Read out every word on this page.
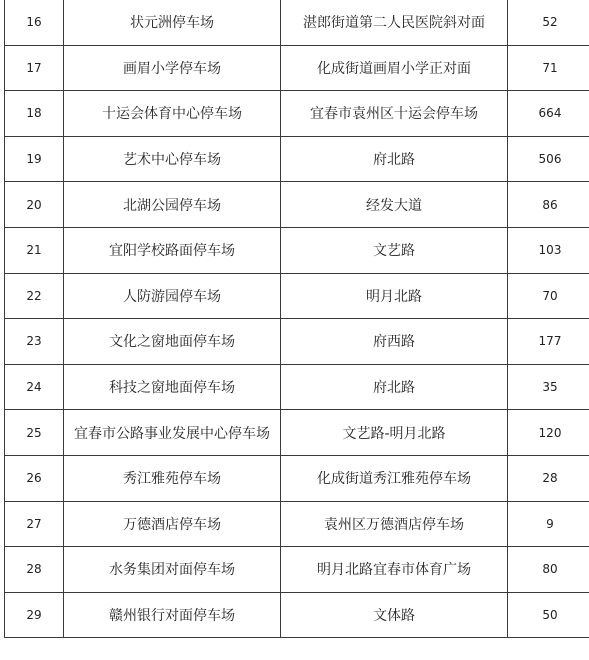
16	状元洲停车场	湛郎街道第二人民医院斜对面	52
17	画眉小学停车场	化成街道画眉小学正对面	71
18	十运会体育中心停车场	宜春市袁州区十运会停车场	664
19	艺术中心停车场	府北路	506
20	北湖公园停车场	经发大道	86
21	宜阳学校路面停车场	文艺路	103
22	人防游园停车场	明月北路	70
23	文化之窗地面停车场	府西路	177
24	科技之窗地面停车场	府北路	35
25	宜春市公路事业发展中心停车场	文艺路-明月北路	120
26	秀江雅苑停车场	化成街道秀江雅苑停车场	28
27	万德酒店停车场	袁州区万德酒店停车场	9
28	水务集团对面停车场	明月北路宜春市体育广场	80
29	赣州银行对面停车场	文体路	50
